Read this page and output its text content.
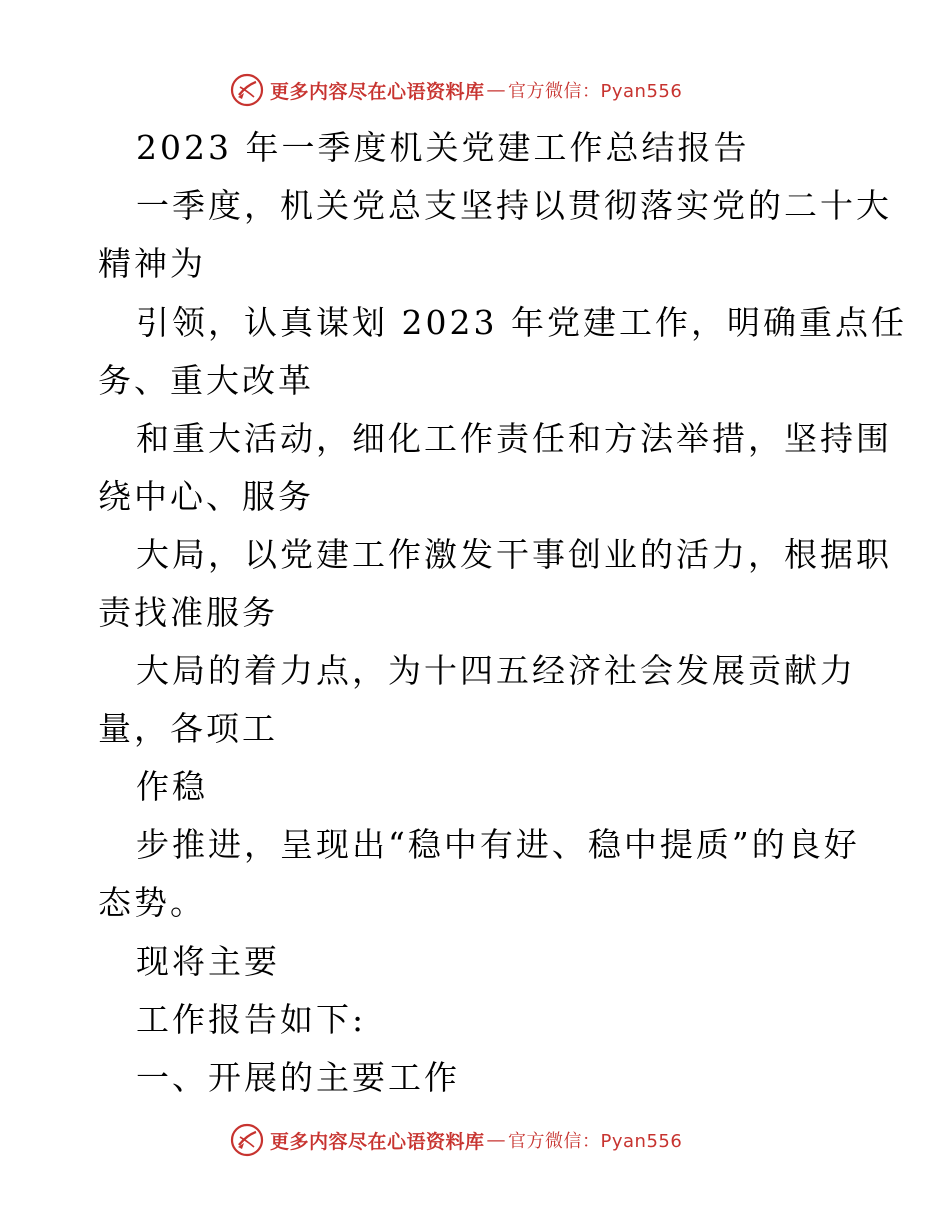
更多内容尽在心语资料库 — 官方微信：Pyan556
2023 年一季度机关党建工作总结报告
一季度，机关党总支坚持以贯彻落实党的二十大
精神为
引领，认真谋划 2023 年党建工作，明确重点任
务、重大改革
和重大活动，细化工作责任和方法举措，坚持围
绕中心、服务
大局，以党建工作激发干事创业的活力，根据职
责找准服务
大局的着力点，为十四五经济社会发展贡献力
量，各项工
作稳
步推进，呈现出“稳中有进、稳中提质”的良好
态势。
现将主要
工作报告如下:
一、开展的主要工作
更多内容尽在心语资料库 — 官方微信：Pyan556
